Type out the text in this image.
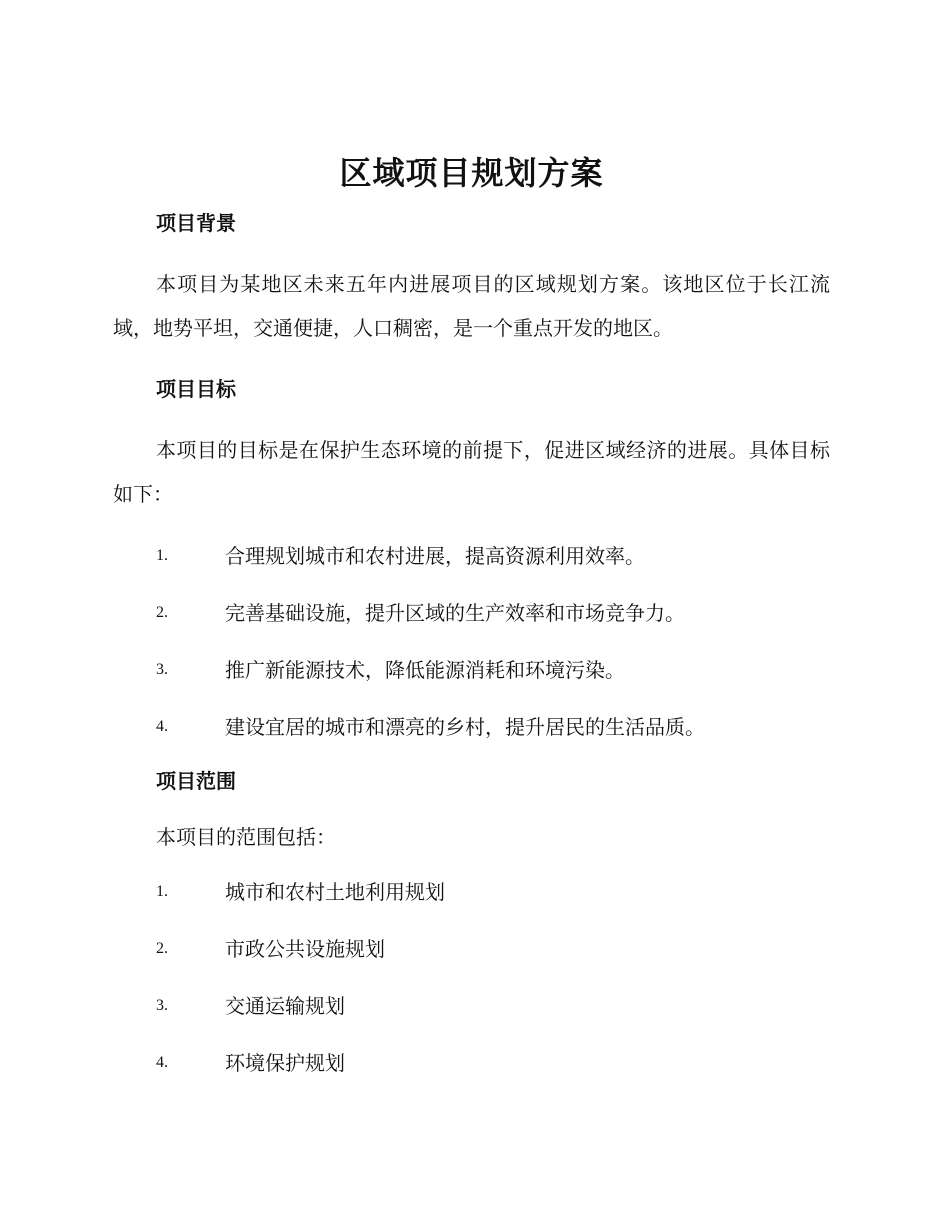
区域项目规划方案
项目背景

本项目为某地区未来五年内进展项目的区域规划方案。该地区位于长江流域，地势平坦，交通便捷，人口稠密，是一个重点开发的地区。

项目目标

本项目的目标是在保护生态环境的前提下，促进区域经济的进展。具体目标如下：

1.	合理规划城市和农村进展，提高资源利用效率。
2.	完善基础设施，提升区域的生产效率和市场竞争力。
3.	推广新能源技术，降低能源消耗和环境污染。
4.	建设宜居的城市和漂亮的乡村，提升居民的生活品质。
项目范围

本项目的范围包括：

1.	城市和农村土地利用规划
2.	市政公共设施规划
3.	交通运输规划
4.	环境保护规划
